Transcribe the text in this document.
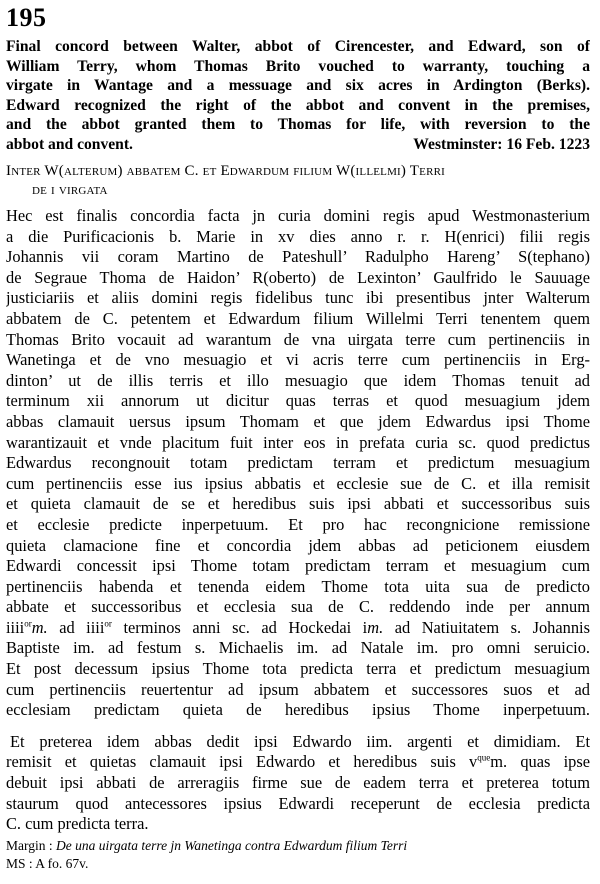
195
Final concord between Walter, abbot of Cirencester, and Edward, son of
William Terry, whom Thomas Brito vouched to warranty, touching a
virgate in Wantage and a messuage and six acres in Ardington (Berks).
Edward recognized the right of the abbot and convent in the premises,
and the abbot granted them to Thomas for life, with reversion to the
abbot and convent.	Westminster: 16 Feb. 1223
Inter W(alterum) abbatem C. et Edwardum filium W(illelmi) Terri
de i virgata
Hec est finalis concordia facta jn curia domini regis apud Westmonasterium
a die Purificacionis b. Marie in xv dies anno r. r. H(enrici) filii regis
Johannis vii coram Martino de Pateshull’ Radulpho Hareng’ S(tephano)
de Segraue Thoma de Haidon’ R(oberto) de Lexinton’ Gaulfrido le Sauuage
justiciariis et aliis domini regis fidelibus tunc ibi presentibus jnter Walterum
abbatem de C. petentem et Edwardum filium Willelmi Terri tenentem quem
Thomas Brito vocauit ad warantum de vna uirgata terre cum pertinenciis in
Wanetinga et de vno mesuagio et vi acris terre cum pertinenciis in Erg-
dinton’ ut de illis terris et illo mesuagio que idem Thomas tenuit ad
terminum xii annorum ut dicitur quas terras et quod mesuagium jdem
abbas clamauit uersus ipsum Thomam et que jdem Edwardus ipsi Thome
warantizauit et vnde placitum fuit inter eos in prefata curia sc. quod predictus
Edwardus recongnouit totam predictam terram et predictum mesuagium
cum pertinenciis esse ius ipsius abbatis et ecclesie sue de C. et illa remisit
et quieta clamauit de se et heredibus suis ipsi abbati et successoribus suis
et ecclesie predicte inperpetuum. Et pro hac recongnicione remissione
quieta clamacione fine et concordia jdem abbas ad peticionem eiusdem
Edwardi concessit ipsi Thome totam predictam terram et mesuagium cum
pertinenciis habenda et tenenda eidem Thome tota uita sua de predicto
abbate et successoribus et ecclesia sua de C. reddendo inde per annum
iiii$^{or}$m. ad iiii$^{or}$ terminos anni sc. ad Hockedai im. ad Natiuitatem s. Johannis
Baptiste im. ad festum s. Michaelis im. ad Natale im. pro omni seruicio.
Et post decessum ipsius Thome tota predicta terra et predictum mesuagium
cum pertinenciis reuertentur ad ipsum abbatem et successores suos et ad
ecclesiam predictam quieta de heredibus ipsius Thome inperpetuum.
Et preterea idem abbas dedit ipsi Edwardo iim. argenti et dimidiam. Et
remisit et quietas clamauit ipsi Edwardo et heredibus suis $v^{que}m$. quas ipse
debuit ipsi abbati de arreragiis firme sue de eadem terra et preterea totum
staurum quod antecessores ipsius Edwardi receperunt de ecclesia predicta
C. cum predicta terra.
Margin : De una uirgata terre jn Wanetinga contra Edwardum filium Terri
MS : A fo. 67v.
